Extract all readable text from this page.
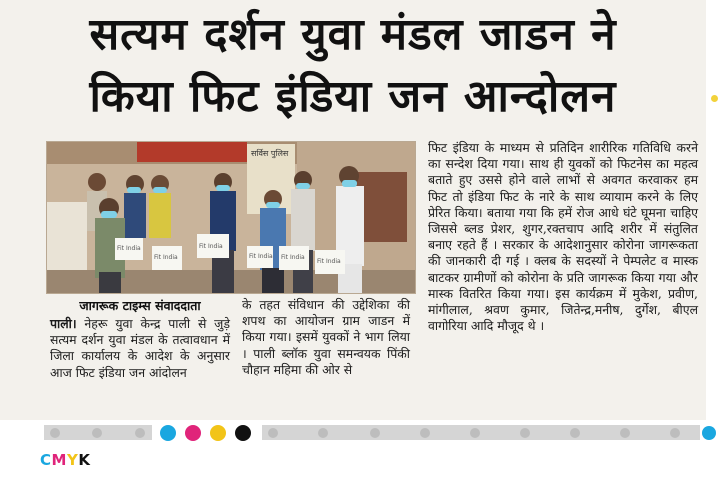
सत्यम दर्शन युवा मंडल जाडन ने
किया फिट इंडिया जन आन्दोलन
सर्विस पुलिस
Fit India
Fit India
Fit India
Fit India Fit India
Fit India
जागरूक टाइम्स संवाददाता
पाली। नेहरू युवा केन्द्र पाली से जुड़े सत्यम दर्शन युवा मंडल के तत्वावधान में जिला कार्यालय के आदेश के अनुसार आज फिट इंडिया जन आंदोलन
के तहत संविधान की उद्देशिका की शपथ का आयोजन ग्राम जाडन में किया गया। इसमें युवकों ने भाग लिया । पाली ब्लॉक युवा समन्वयक पिंकी चौहान महिमा की ओर से
फिट इंडिया के माध्यम से प्रतिदिन शारीरिक गतिविधि करने का सन्देश दिया गया। साथ ही युवकों को फिटनेस का महत्व बताते हुए उससे होने वाले लाभों से अवगत करवाकर हम फिट तो इंडिया फिट के नारे के साथ व्यायाम करने के लिए प्रेरित किया। बताया गया कि हमें रोज आधे घंटे घूमना चाहिए जिससे ब्लड प्रेशर, शुगर,रक्तचाप आदि शरीर में संतुलित बनाए रहते हैं । सरकार के आदेशानुसार कोरोना जागरूकता की जानकारी दी गई । क्लब के सदस्यों ने पेम्पलेट व मास्क बाटकर ग्रामीणों को कोरोना के प्रति जागरूक किया गया और मास्क वितरित किया गया। इस कार्यक्रम में मुकेश, प्रवीण, मांगीलाल, श्रवण कुमार, जितेन्द्र,मनीष, दुर्गेश, बीएल वागोरिया आदि मौजूद थे ।
CMYK
